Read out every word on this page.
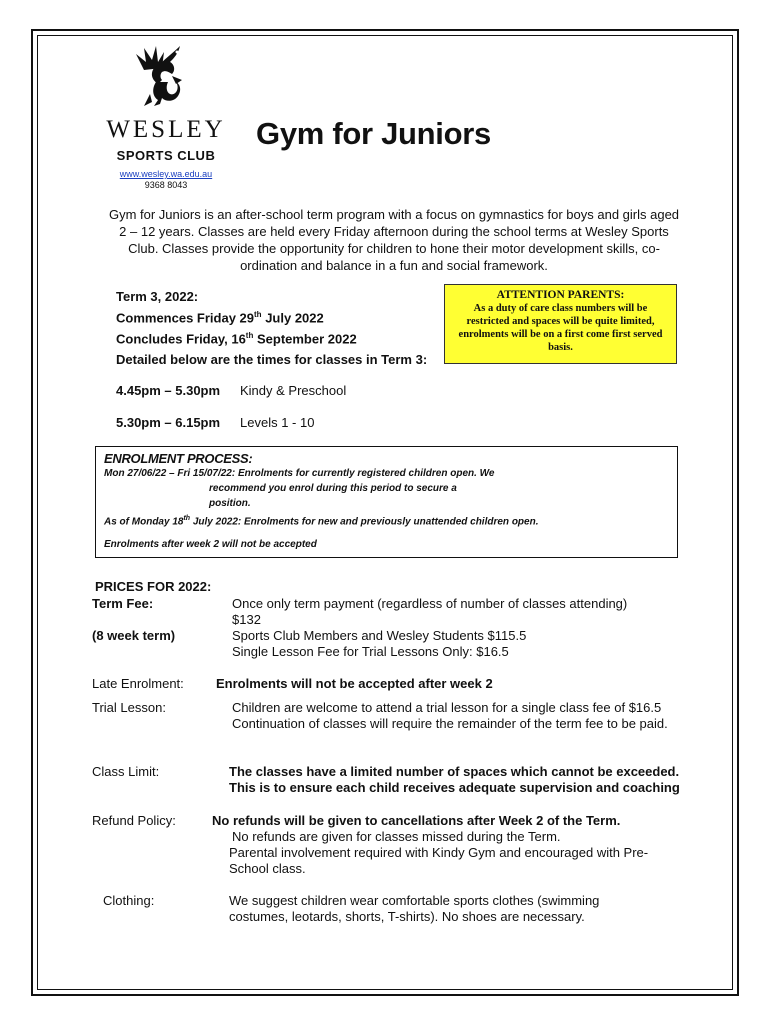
WESLEY
SPORTS CLUB
www.wesley.wa.edu.au
9368 8043
Gym for Juniors
Gym for Juniors is an after-school term program with a focus on gymnastics for boys and girls aged 2 – 12 years. Classes are held every Friday afternoon during the school terms at Wesley Sports Club. Classes provide the opportunity for children to hone their motor development skills, co-ordination and balance in a fun and social framework.
Term 3, 2022:
Commences Friday 29th July 2022
Concludes Friday, 16th September 2022
ATTENTION PARENTS:
As a duty of care class numbers will be restricted and spaces will be quite limited, enrolments will be on a first come first served basis.
Detailed below are the times for classes in Term 3:
4.45pm – 5.30pm Kindy & Preschool
5.30pm – 6.15pm Levels 1 - 10
ENROLMENT PROCESS:
Mon 27/06/22 – Fri 15/07/22: Enrolments for currently registered children open. We
recommend you enrol during this period to secure a
position.
As of Monday 18th July 2022: Enrolments for new and previously unattended children open.
Enrolments after week 2 will not be accepted
PRICES FOR 2022:
Term Fee:	Once only term payment (regardless of number of classes attending)
$132
(8 week term)	Sports Club Members and Wesley Students $115.5
Single Lesson Fee for Trial Lessons Only: $16.5
Late Enrolment: Enrolments will not be accepted after week 2
Trial Lesson:	Children are welcome to attend a trial lesson for a single class fee of $16.5 Continuation of classes will require the remainder of the term fee to be paid.
Class Limit:	The classes have a limited number of spaces which cannot be exceeded.
This is to ensure each child receives adequate supervision and coaching
Refund Policy:	No refunds will be given to cancellations after Week 2 of the Term.
No refunds are given for classes missed during the Term.
Parental involvement required with Kindy Gym and encouraged with Pre-School class.
Clothing:	We suggest children wear comfortable sports clothes (swimming costumes, leotards, shorts, T-shirts). No shoes are necessary.
